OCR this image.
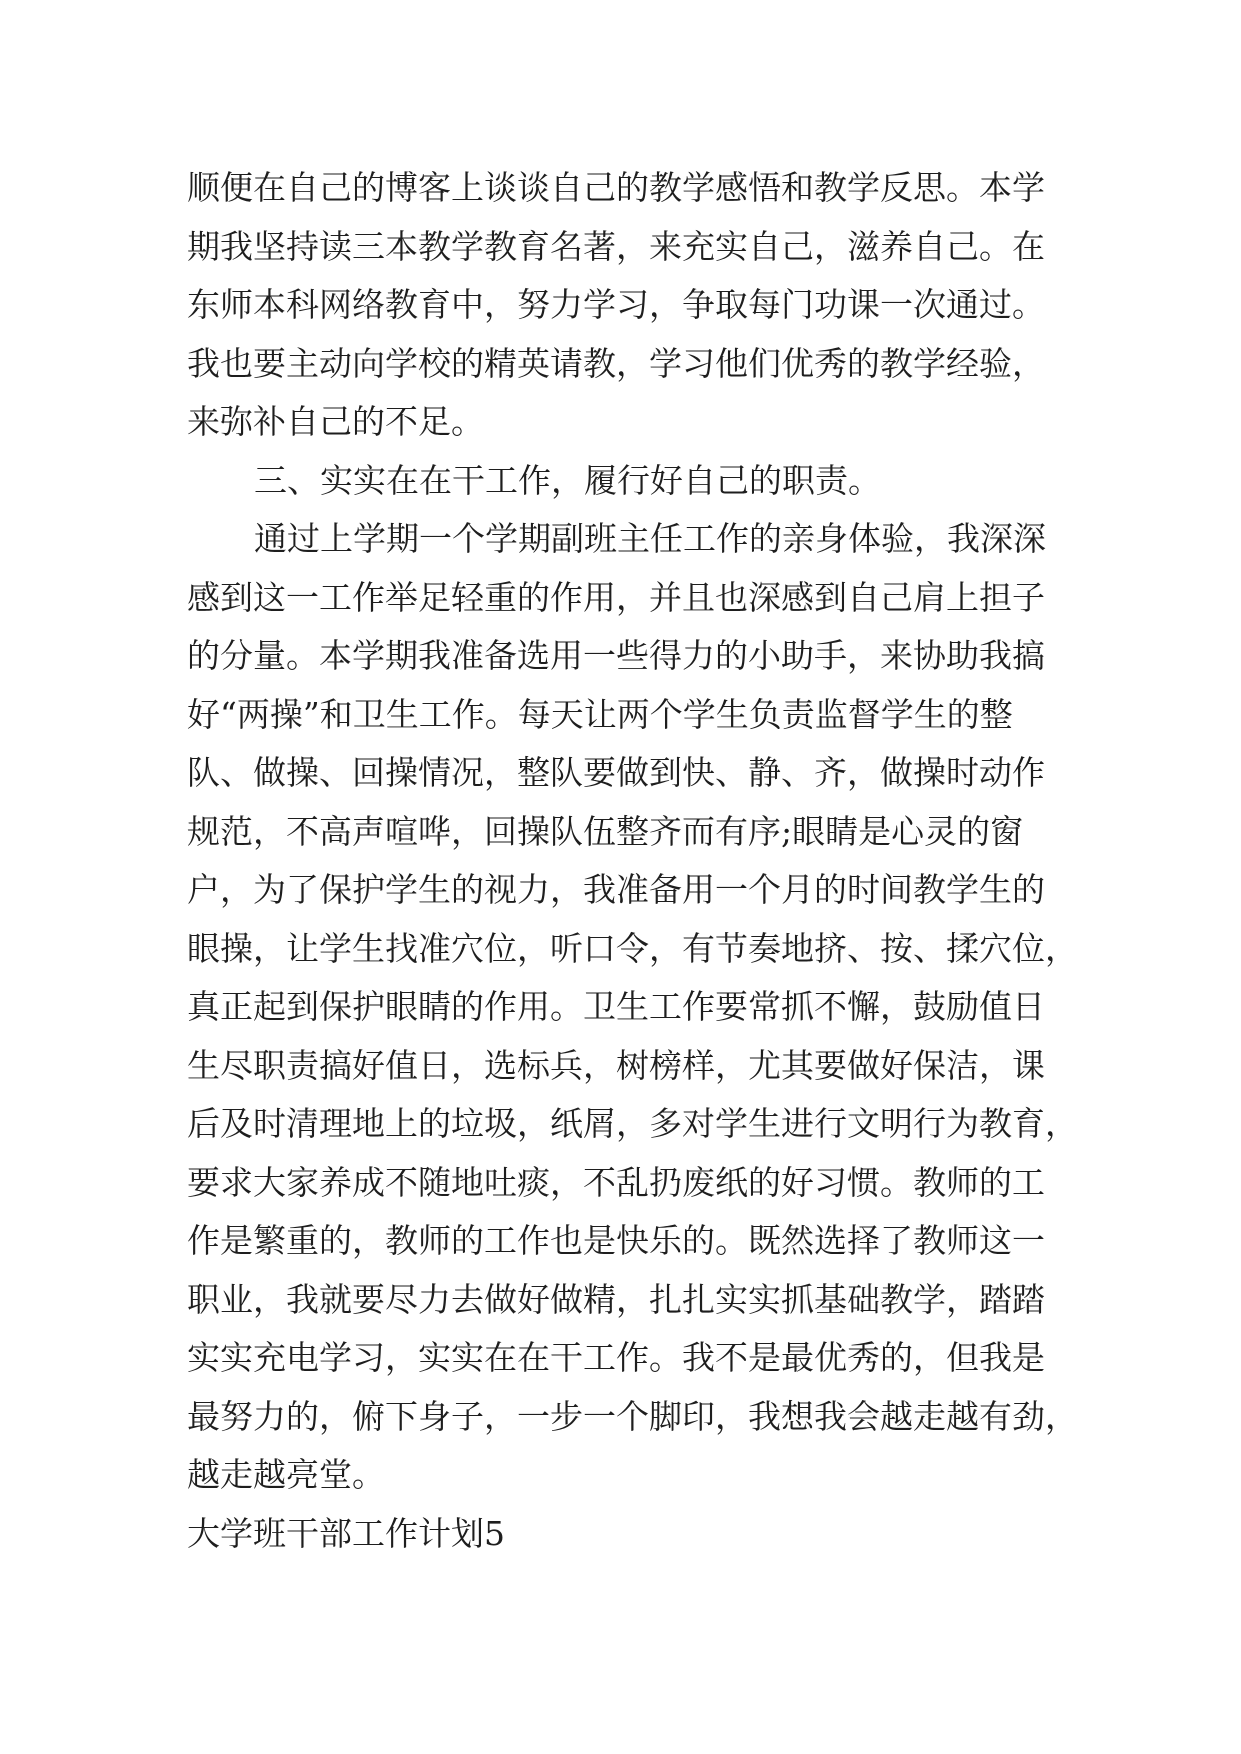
顺便在自己的博客上谈谈自己的教学感悟和教学反思。本学
期我坚持读三本教学教育名著，来充实自己，滋养自己。在
东师本科网络教育中，努力学习，争取每门功课一次通过。
我也要主动向学校的精英请教，学习他们优秀的教学经验，
来弥补自己的不足。
三、实实在在干工作，履行好自己的职责。
通过上学期一个学期副班主任工作的亲身体验，我深深
感到这一工作举足轻重的作用，并且也深感到自己肩上担子
的分量。本学期我准备选用一些得力的小助手，来协助我搞
好“两操”和卫生工作。每天让两个学生负责监督学生的整
队、做操、回操情况，整队要做到快、静、齐，做操时动作
规范，不高声喧哗，回操队伍整齐而有序;眼睛是心灵的窗
户，为了保护学生的视力，我准备用一个月的时间教学生的
眼操，让学生找准穴位，听口令，有节奏地挤、按、揉穴位，
真正起到保护眼睛的作用。卫生工作要常抓不懈，鼓励值日
生尽职责搞好值日，选标兵，树榜样，尤其要做好保洁，课
后及时清理地上的垃圾，纸屑，多对学生进行文明行为教育，
要求大家养成不随地吐痰，不乱扔废纸的好习惯。教师的工
作是繁重的，教师的工作也是快乐的。既然选择了教师这一
职业，我就要尽力去做好做精，扎扎实实抓基础教学，踏踏
实实充电学习，实实在在干工作。我不是最优秀的，但我是
最努力的，俯下身子，一步一个脚印，我想我会越走越有劲，
越走越亮堂。
大学班干部工作计划5
